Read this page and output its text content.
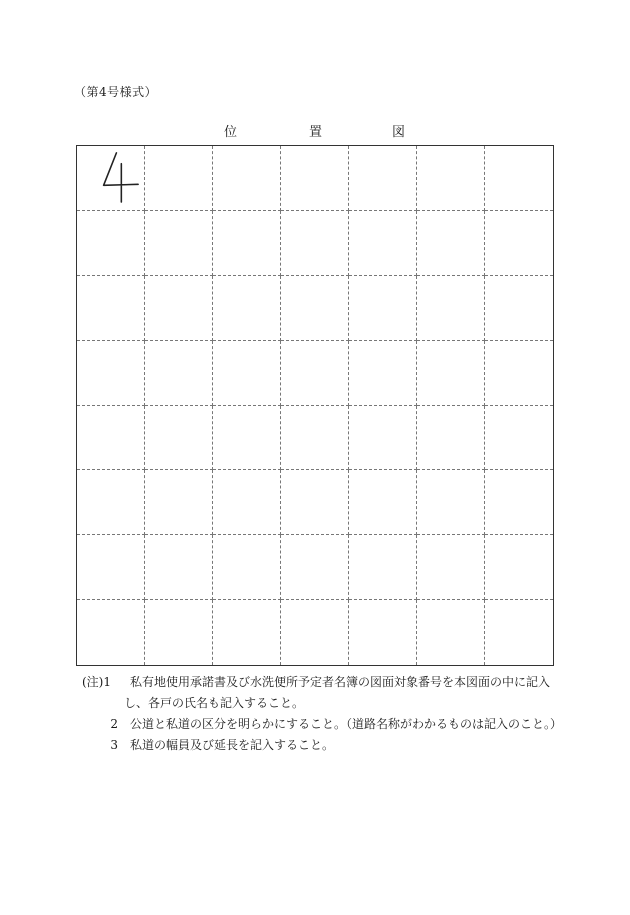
（第4号様式）
位	置	図
(注)1	私有地使用承諾書及び水洗便所予定者名簿の図面対象番号を本図面の中に記入
し、各戸の氏名も記入すること。
2	公道と私道の区分を明らかにすること。（道路名称がわかるものは記入のこと。）
3	私道の幅員及び延長を記入すること。
